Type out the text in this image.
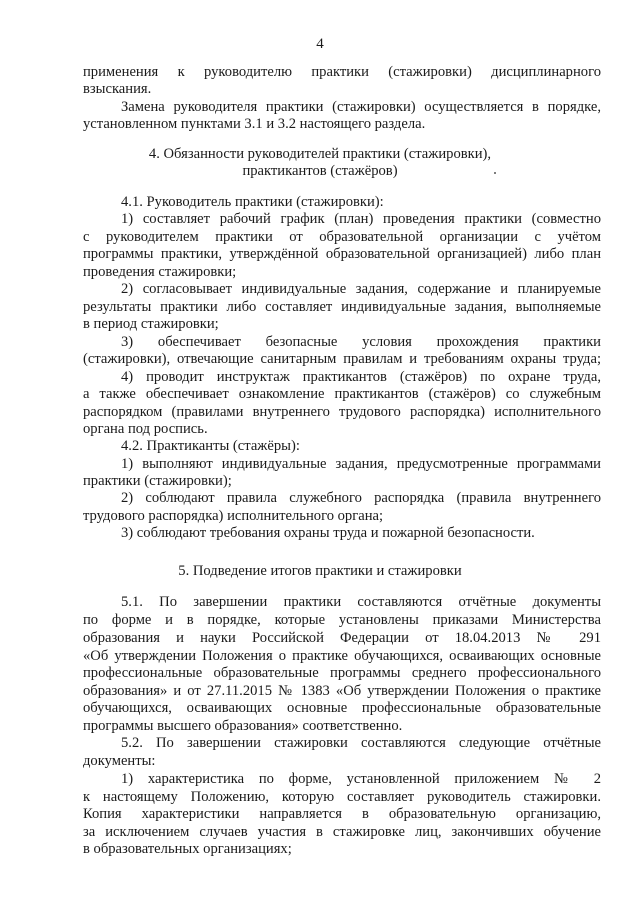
4
применения к руководителю практики (стажировки) дисциплинарного
взыскания.
Замена руководителя практики (стажировки) осуществляется в порядке,
установленном пунктами 3.1 и 3.2 настоящего раздела.
4. Обязанности руководителей практики (стажировки),
практикантов (стажёров)
4.1. Руководитель практики (стажировки):
1) составляет рабочий график (план) проведения практики (совместно
с руководителем практики от образовательной организации с учётом
программы практики, утверждённой образовательной организацией) либо план
проведения стажировки;
2) согласовывает индивидуальные задания, содержание и планируемые
результаты практики либо составляет индивидуальные задания, выполняемые
в период стажировки;
3) обеспечивает безопасные условия прохождения практики
(стажировки), отвечающие санитарным правилам и требованиям охраны труда;
4) проводит инструктаж практикантов (стажёров) по охране труда,
а также обеспечивает ознакомление практикантов (стажёров) со служебным
распорядком (правилами внутреннего трудового распорядка) исполнительного
органа под роспись.
4.2. Практиканты (стажёры):
1) выполняют индивидуальные задания, предусмотренные программами
практики (стажировки);
2) соблюдают правила служебного распорядка (правила внутреннего
трудового распорядка) исполнительного органа;
3) соблюдают требования охраны труда и пожарной безопасности.
5. Подведение итогов практики и стажировки
5.1. По завершении практики составляются отчётные документы
по форме и в порядке, которые установлены приказами Министерства
образования и науки Российской Федерации от 18.04.2013 № 291
«Об утверждении Положения о практике обучающихся, осваивающих основные
профессиональные образовательные программы среднего профессионального
образования» и от 27.11.2015 № 1383 «Об утверждении Положения о практике
обучающихся, осваивающих основные профессиональные образовательные
программы высшего образования» соответственно.
5.2. По завершении стажировки составляются следующие отчётные
документы:
1) характеристика по форме, установленной приложением № 2
к настоящему Положению, которую составляет руководитель стажировки.
Копия характеристики направляется в образовательную организацию,
за исключением случаев участия в стажировке лиц, закончивших обучение
в образовательных организациях;
